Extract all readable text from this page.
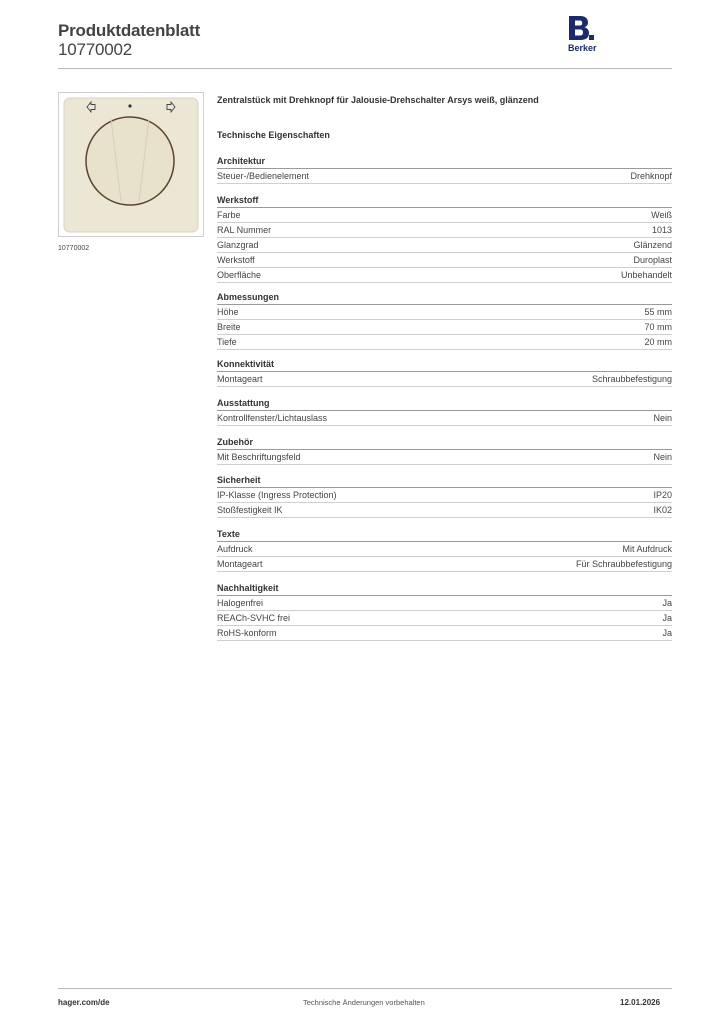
Produktdatenblatt
10770002	Berker
10770002
Zentralstück mit Drehknopf für Jalousie-Drehschalter Arsys weiß, glänzend
Technische Eigenschaften
Architektur
Steuer-/Bedienelement	Drehknopf
Werkstoff
Farbe	Weiß
RAL Nummer	1013
Glanzgrad	Glänzend
Werkstoff	Duroplast
Oberfläche	Unbehandelt
Abmessungen
Höhe	55 mm
Breite	70 mm
Tiefe	20 mm
Konnektivität
Montageart	Schraubbefestigung
Ausstattung
Kontrollfenster/Lichtauslass	Nein
Zubehör
Mit Beschriftungsfeld	Nein
Sicherheit
IP-Klasse (Ingress Protection)	IP20
Stoßfestigkeit IK	IK02
Texte
Aufdruck	Mit Aufdruck
Montageart	Für Schraubbefestigung
Nachhaltigkeit
Halogenfrei	Ja
REACh-SVHC frei	Ja
RoHS-konform	Ja
hager.com/de	Technische Änderungen vorbehalten	12.01.2026
